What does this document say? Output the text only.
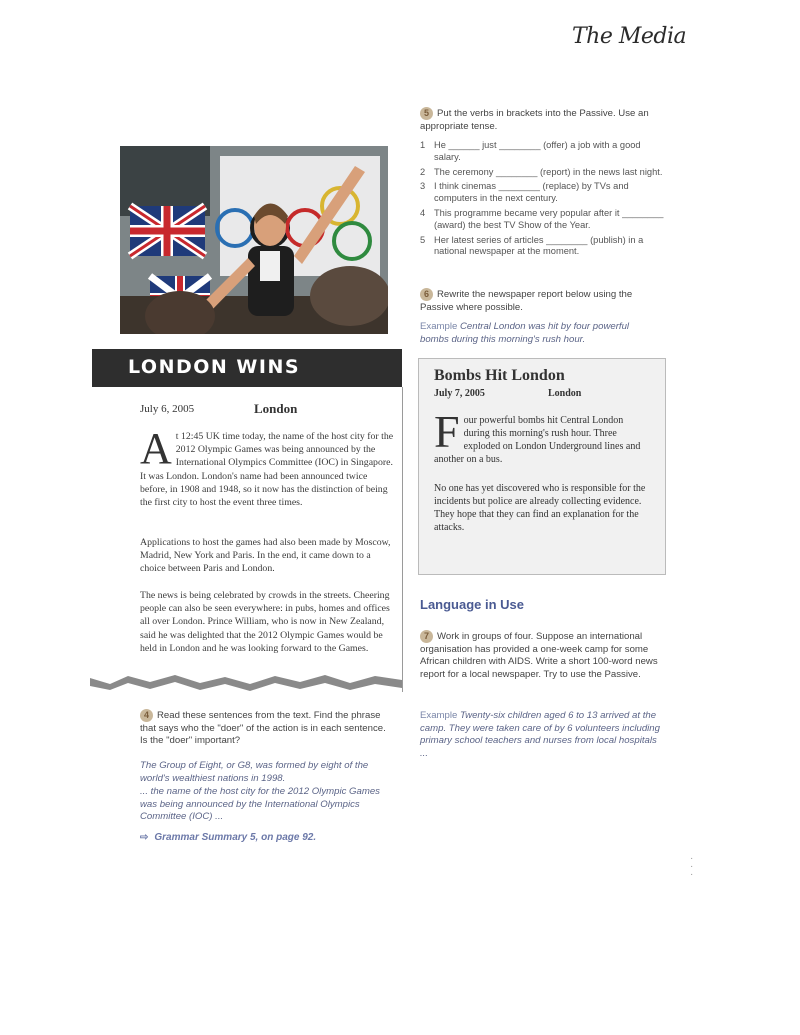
The Media
LONDON WINS
July 6, 2005	London
A t 12:45 UK time today, the name of the host city for the 2012 Olympic Games was being announced by the International Olympics Committee (IOC) in Singapore. It was London. London's name had been announced twice before, in 1908 and 1948, so it now has the distinction of being the first city to host the event three times.
Applications to host the games had also been made by Moscow, Madrid, New York and Paris. In the end, it came down to a choice between Paris and London.
The news is being celebrated by crowds in the streets. Cheering people can also be seen everywhere: in pubs, homes and offices all over London. Prince William, who is now in New Zealand, said he was delighted that the 2012 Olympic Games would be held in London and he was looking forward to the Games.
4 Read these sentences from the text. Find the phrase that says who the "doer" of the action is in each sentence. Is the "doer" important?
The Group of Eight, or G8, was formed by eight of the world's wealthiest nations in 1998.
... the name of the host city for the 2012 Olympic Games was being announced by the International Olympics Committee (IOC) ...
⇨ Grammar Summary 5, on page 92.
5 Put the verbs in brackets into the Passive. Use an appropriate tense.
1 He ______ just ________ (offer) a job with a good salary.
2 The ceremony ________ (report) in the news last night.
3 I think cinemas ________ (replace) by TVs and computers in the next century.
4 This programme became very popular after it ________ (award) the best TV Show of the Year.
5 Her latest series of articles ________ (publish) in a national newspaper at the moment.
6 Rewrite the newspaper report below using the Passive where possible.
Example Central London was hit by four powerful bombs during this morning's rush hour.
Bombs Hit London
July 7, 2005	London
F our powerful bombs hit Central London during this morning's rush hour. Three exploded on London Underground lines and another on a bus.
No one has yet discovered who is responsible for the incidents but police are already collecting evidence. They hope that they can find an explanation for the attacks.
Language in Use
7 Work in groups of four. Suppose an international organisation has provided a one-week camp for some African children with AIDS. Write a short 100-word news report for a local newspaper. Try to use the Passive.
Example Twenty-six children aged 6 to 13 arrived at the camp. They were taken care of by 6 volunteers including primary school teachers and nurses from local hospitals ...
·
·
·
